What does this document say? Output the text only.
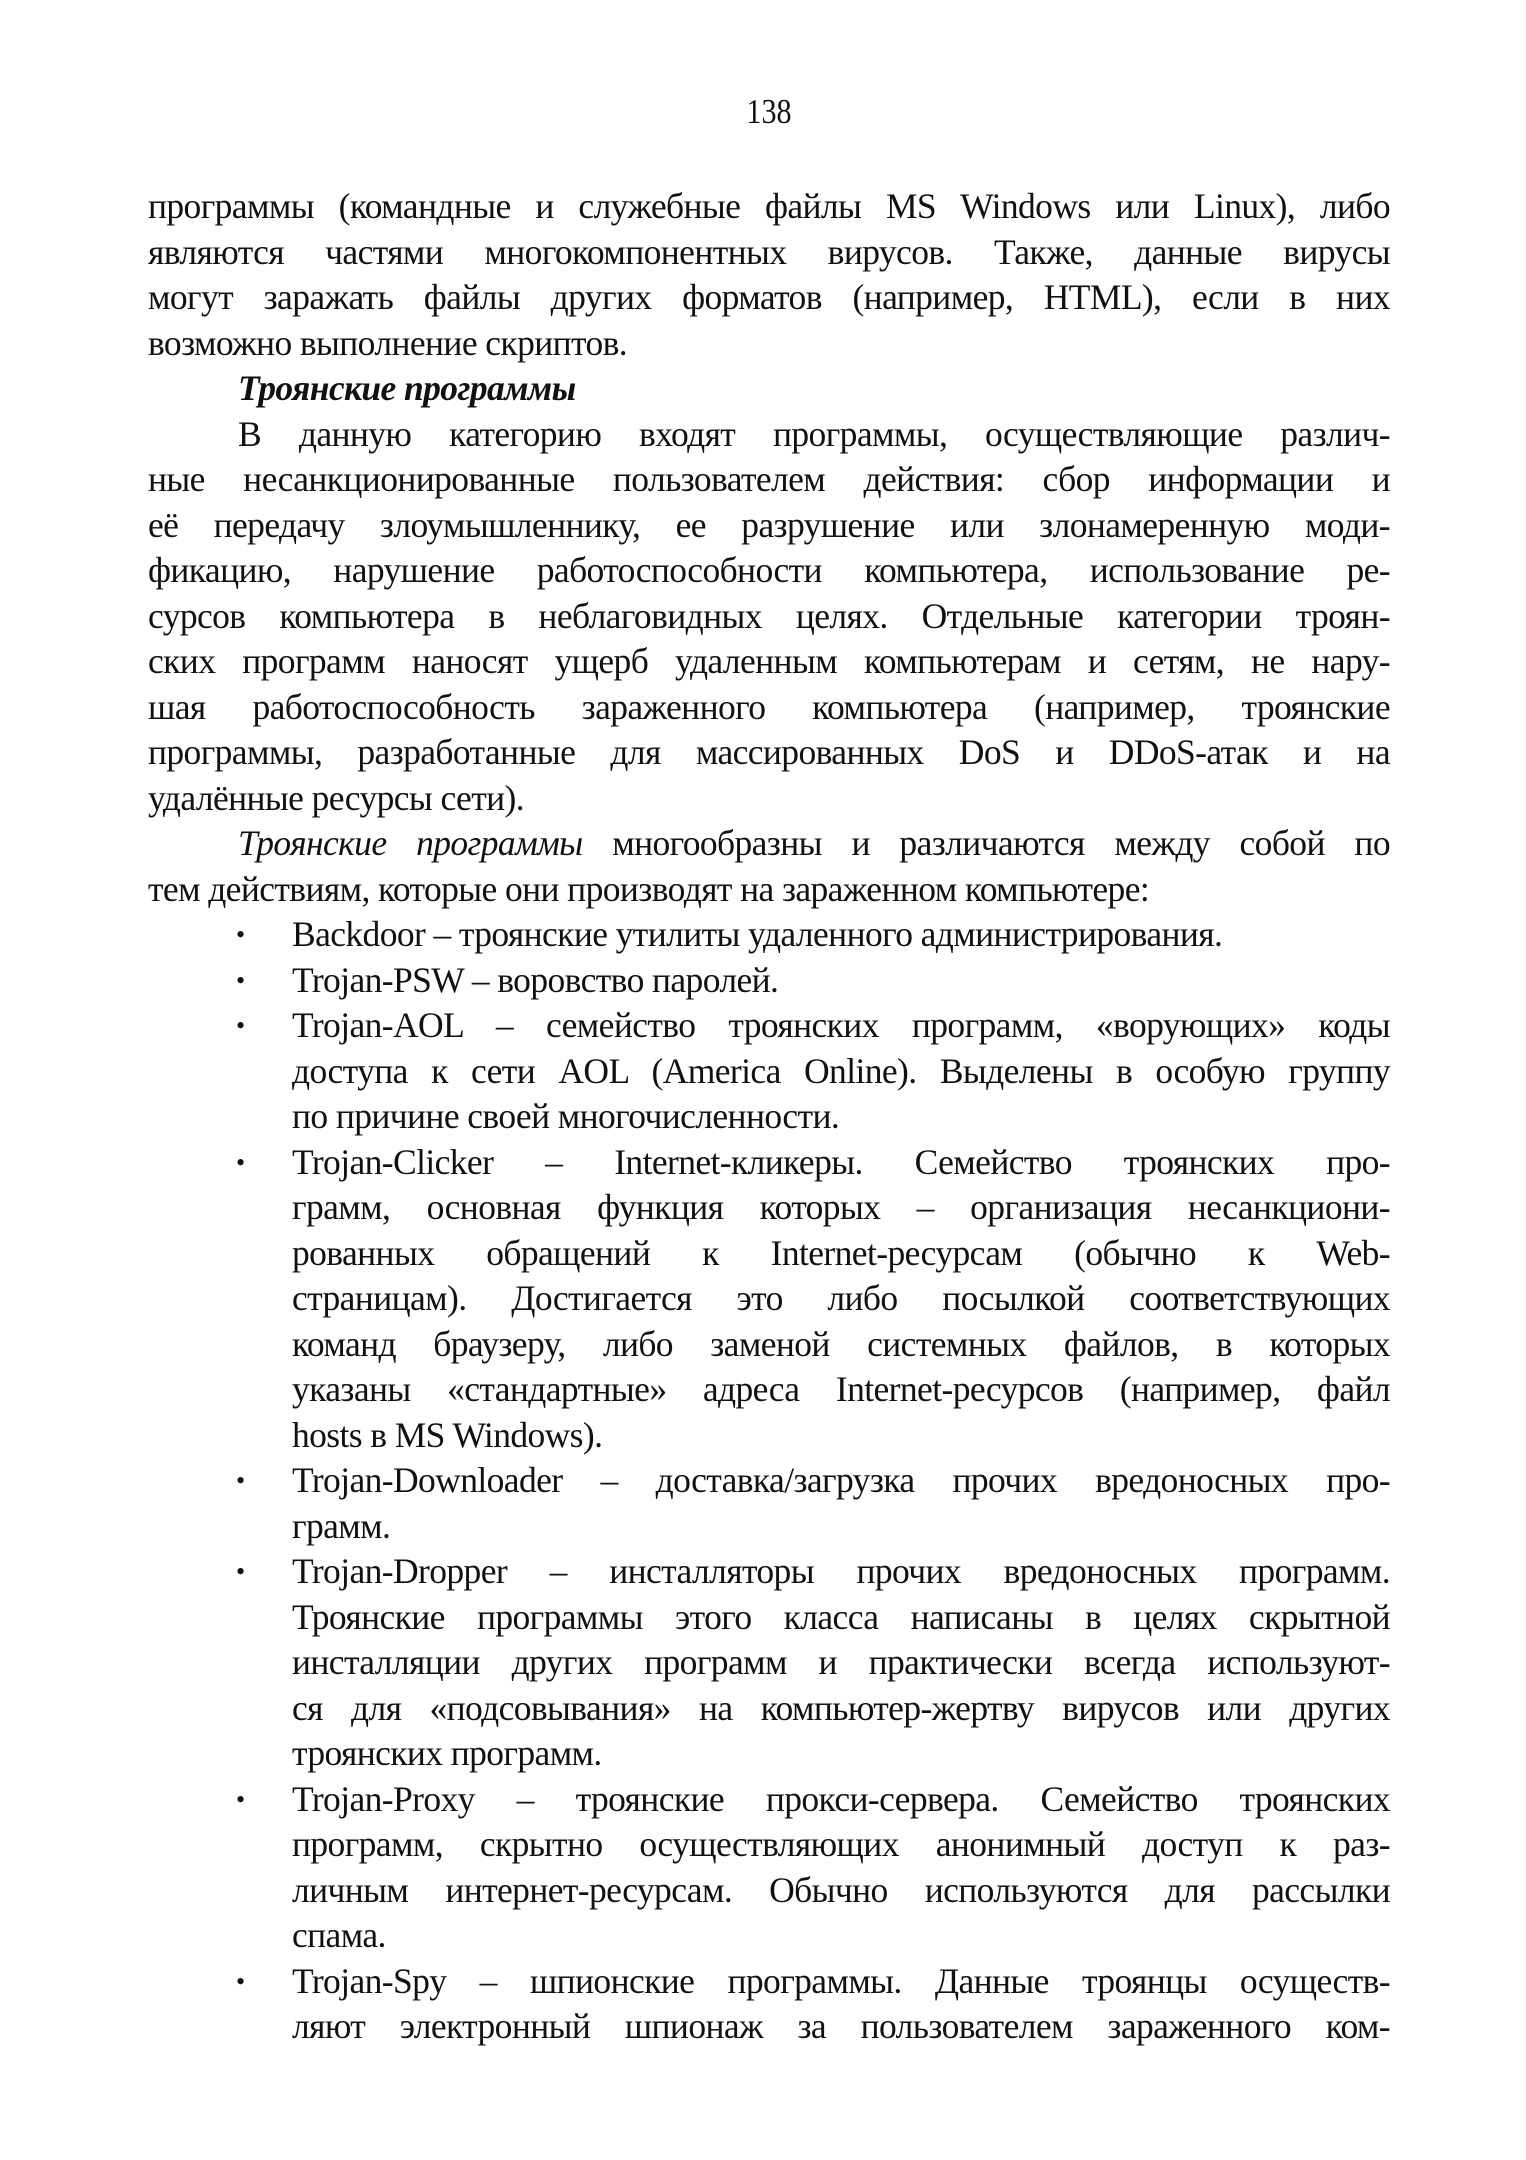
138
программы (командные и служебные файлы MS Windows или Linux), либо
являются частями многокомпонентных вирусов. Также, данные вирусы
могут заражать файлы других форматов (например, HTML), если в них
возможно выполнение скриптов.
Троянские программы
В данную категорию входят программы, осуществляющие различ-
ные несанкционированные пользователем действия: сбор информации и
её передачу злоумышленнику, ее разрушение или злонамеренную моди-
фикацию, нарушение работоспособности компьютера, использование ре-
сурсов компьютера в неблаговидных целях. Отдельные категории троян-
ских программ наносят ущерб удаленным компьютерам и сетям, не нару-
шая работоспособность зараженного компьютера (например, троянские
программы, разработанные для массированных DoS и DDoS-атак и на
удалённые ресурсы сети).
Троянские программы многообразны и различаются между собой по
тем действиям, которые они производят на зараженном компьютере:
• Backdoor – троянские утилиты удаленного администрирования.
• Trojan-PSW – воровство паролей.
• Trojan-AOL – семейство троянских программ, «ворующих» коды
доступа к сети AOL (America Online). Выделены в особую группу
по причине своей многочисленности.
• Trojan-Clicker – Internet-кликеры. Семейство троянских про-
грамм, основная функция которых – организация несанкциони-
рованных обращений к Internet-ресурсам (обычно к Web-
страницам). Достигается это либо посылкой соответствующих
команд браузеру, либо заменой системных файлов, в которых
указаны «стандартные» адреса Internet-ресурсов (например, файл
hosts в MS Windows).
• Trojan-Downloader – доставка/загрузка прочих вредоносных про-
грамм.
• Trojan-Dropper – инсталляторы прочих вредоносных программ.
Троянские программы этого класса написаны в целях скрытной
инсталляции других программ и практически всегда используют-
ся для «подсовывания» на компьютер-жертву вирусов или других
троянских программ.
• Trojan-Proxy – троянские прокси-сервера. Семейство троянских
программ, скрытно осуществляющих анонимный доступ к раз-
личным интернет-ресурсам. Обычно используются для рассылки
спама.
• Trojan-Spy – шпионские программы. Данные троянцы осуществ-
ляют электронный шпионаж за пользователем зараженного ком-
